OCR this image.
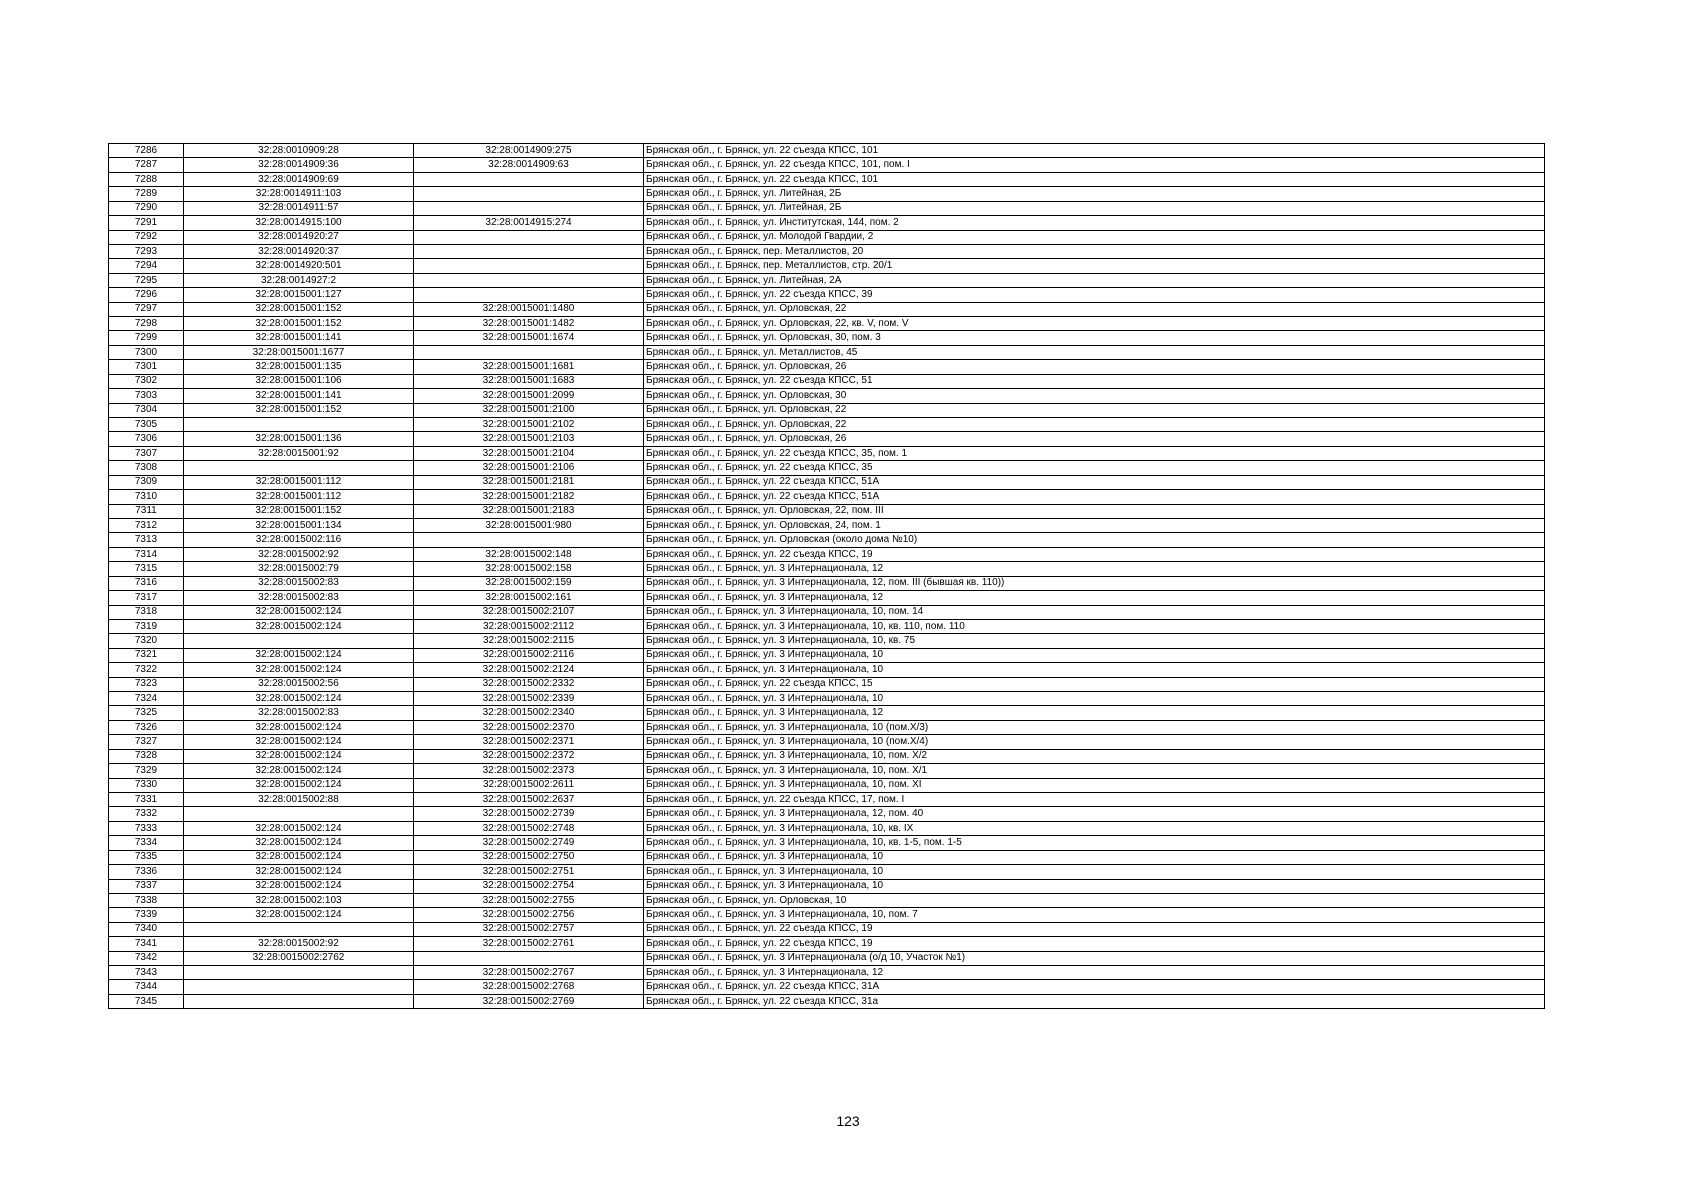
7286	32:28:0010909:28	32:28:0014909:275	Брянская обл., г. Брянск, ул. 22 съезда КПСС, 101
7287	32:28:0014909:36	32:28:0014909:63	Брянская обл., г. Брянск, ул. 22 съезда КПСС, 101, пом. I
7288	32:28:0014909:69		Брянская обл., г. Брянск, ул. 22 съезда КПСС, 101
7289	32:28:0014911:103		Брянская обл., г. Брянск, ул. Литейная, 2Б
7290	32:28:0014911:57		Брянская обл., г. Брянск, ул. Литейная, 2Б
7291	32:28:0014915:100	32:28:0014915:274	Брянская обл., г. Брянск, ул. Институтская, 144, пом. 2
7292	32:28:0014920:27		Брянская обл., г. Брянск, ул. Молодой Гвардии, 2
7293	32:28:0014920:37		Брянская обл., г. Брянск, пер. Металлистов, 20
7294	32:28:0014920:501		Брянская обл., г. Брянск, пер. Металлистов, стр. 20/1
7295	32:28:0014927:2		Брянская обл., г. Брянск, ул. Литейная, 2А
7296	32:28:0015001:127		Брянская обл., г. Брянск, ул. 22 съезда КПСС, 39
7297	32:28:0015001:152	32:28:0015001:1480	Брянская обл., г. Брянск, ул. Орловская, 22
7298	32:28:0015001:152	32:28:0015001:1482	Брянская обл., г. Брянск, ул. Орловская, 22, кв. V, пом. V
7299	32:28:0015001:141	32:28:0015001:1674	Брянская обл., г. Брянск, ул. Орловская, 30, пом. 3
7300	32:28:0015001:1677		Брянская обл., г. Брянск, ул. Металлистов, 45
7301	32:28:0015001:135	32:28:0015001:1681	Брянская обл., г. Брянск, ул. Орловская, 26
7302	32:28:0015001:106	32:28:0015001:1683	Брянская обл., г. Брянск, ул. 22 съезда КПСС, 51
7303	32:28:0015001:141	32:28:0015001:2099	Брянская обл., г. Брянск, ул. Орловская, 30
7304	32:28:0015001:152	32:28:0015001:2100	Брянская обл., г. Брянск, ул. Орловская, 22
7305		32:28:0015001:2102	Брянская обл., г. Брянск, ул. Орловская, 22
7306	32:28:0015001:136	32:28:0015001:2103	Брянская обл., г. Брянск, ул. Орловская, 26
7307	32:28:0015001:92	32:28:0015001:2104	Брянская обл., г. Брянск, ул. 22 съезда КПСС, 35, пом. 1
7308		32:28:0015001:2106	Брянская обл., г. Брянск, ул. 22 съезда КПСС, 35
7309	32:28:0015001:112	32:28:0015001:2181	Брянская обл., г. Брянск, ул. 22 съезда КПСС, 51А
7310	32:28:0015001:112	32:28:0015001:2182	Брянская обл., г. Брянск, ул. 22 съезда КПСС, 51А
7311	32:28:0015001:152	32:28:0015001:2183	Брянская обл., г. Брянск, ул. Орловская, 22, пом. III
7312	32:28:0015001:134	32:28:0015001:980	Брянская обл., г. Брянск, ул. Орловская, 24, пом. 1
7313	32:28:0015002:116		Брянская обл., г. Брянск, ул. Орловская (около дома №10)
7314	32:28:0015002:92	32:28:0015002:148	Брянская обл., г. Брянск, ул. 22 съезда КПСС, 19
7315	32:28:0015002:79	32:28:0015002:158	Брянская обл., г. Брянск, ул. 3 Интернационала, 12
7316	32:28:0015002:83	32:28:0015002:159	Брянская обл., г. Брянск, ул. 3 Интернационала, 12, пом. III (бывшая кв. 110))
7317	32:28:0015002:83	32:28:0015002:161	Брянская обл., г. Брянск, ул. 3 Интернационала, 12
7318	32:28:0015002:124	32:28:0015002:2107	Брянская обл., г. Брянск, ул. 3 Интернационала, 10, пом. 14
7319	32:28:0015002:124	32:28:0015002:2112	Брянская обл., г. Брянск, ул. 3 Интернационала, 10, кв. 110, пом. 110
7320		32:28:0015002:2115	Брянская обл., г. Брянск, ул. 3 Интернационала, 10, кв. 75
7321	32:28:0015002:124	32:28:0015002:2116	Брянская обл., г. Брянск, ул. 3 Интернационала, 10
7322	32:28:0015002:124	32:28:0015002:2124	Брянская обл., г. Брянск, ул. 3 Интернационала, 10
7323	32:28:0015002:56	32:28:0015002:2332	Брянская обл., г. Брянск, ул. 22 съезда КПСС, 15
7324	32:28:0015002:124	32:28:0015002:2339	Брянская обл., г. Брянск, ул. 3 Интернационала, 10
7325	32:28:0015002:83	32:28:0015002:2340	Брянская обл., г. Брянск, ул. 3 Интернационала, 12
7326	32:28:0015002:124	32:28:0015002:2370	Брянская обл., г. Брянск, ул. 3 Интернационала, 10 (пом.X/3)
7327	32:28:0015002:124	32:28:0015002:2371	Брянская обл., г. Брянск, ул. 3 Интернационала, 10 (пом.X/4)
7328	32:28:0015002:124	32:28:0015002:2372	Брянская обл., г. Брянск, ул. 3 Интернационала, 10, пом. X/2
7329	32:28:0015002:124	32:28:0015002:2373	Брянская обл., г. Брянск, ул. 3 Интернационала, 10, пом. X/1
7330	32:28:0015002:124	32:28:0015002:2611	Брянская обл., г. Брянск, ул. 3 Интернационала, 10, пом. XI
7331	32:28:0015002:88	32:28:0015002:2637	Брянская обл., г. Брянск, ул. 22 съезда КПСС, 17, пом. I
7332		32:28:0015002:2739	Брянская обл., г. Брянск, ул. 3 Интернационала, 12, пом. 40
7333	32:28:0015002:124	32:28:0015002:2748	Брянская обл., г. Брянск, ул. 3 Интернационала, 10, кв. IX
7334	32:28:0015002:124	32:28:0015002:2749	Брянская обл., г. Брянск, ул. 3 Интернационала, 10, кв. 1-5, пом. 1-5
7335	32:28:0015002:124	32:28:0015002:2750	Брянская обл., г. Брянск, ул. 3 Интернационала, 10
7336	32:28:0015002:124	32:28:0015002:2751	Брянская обл., г. Брянск, ул. 3 Интернационала, 10
7337	32:28:0015002:124	32:28:0015002:2754	Брянская обл., г. Брянск, ул. 3 Интернационала, 10
7338	32:28:0015002:103	32:28:0015002:2755	Брянская обл., г. Брянск, ул. Орловская, 10
7339	32:28:0015002:124	32:28:0015002:2756	Брянская обл., г. Брянск, ул. 3 Интернационала, 10, пом. 7
7340		32:28:0015002:2757	Брянская обл., г. Брянск, ул. 22 съезда КПСС, 19
7341	32:28:0015002:92	32:28:0015002:2761	Брянская обл., г. Брянск, ул. 22 съезда КПСС, 19
7342	32:28:0015002:2762		Брянская обл., г. Брянск, ул. 3 Интернационала (о/д 10, Участок №1)
7343		32:28:0015002:2767	Брянская обл., г. Брянск, ул. 3 Интернационала, 12
7344		32:28:0015002:2768	Брянская обл., г. Брянск, ул. 22 съезда КПСС, 31А
7345		32:28:0015002:2769	Брянская обл., г. Брянск, ул. 22 съезда КПСС, 31а
123
